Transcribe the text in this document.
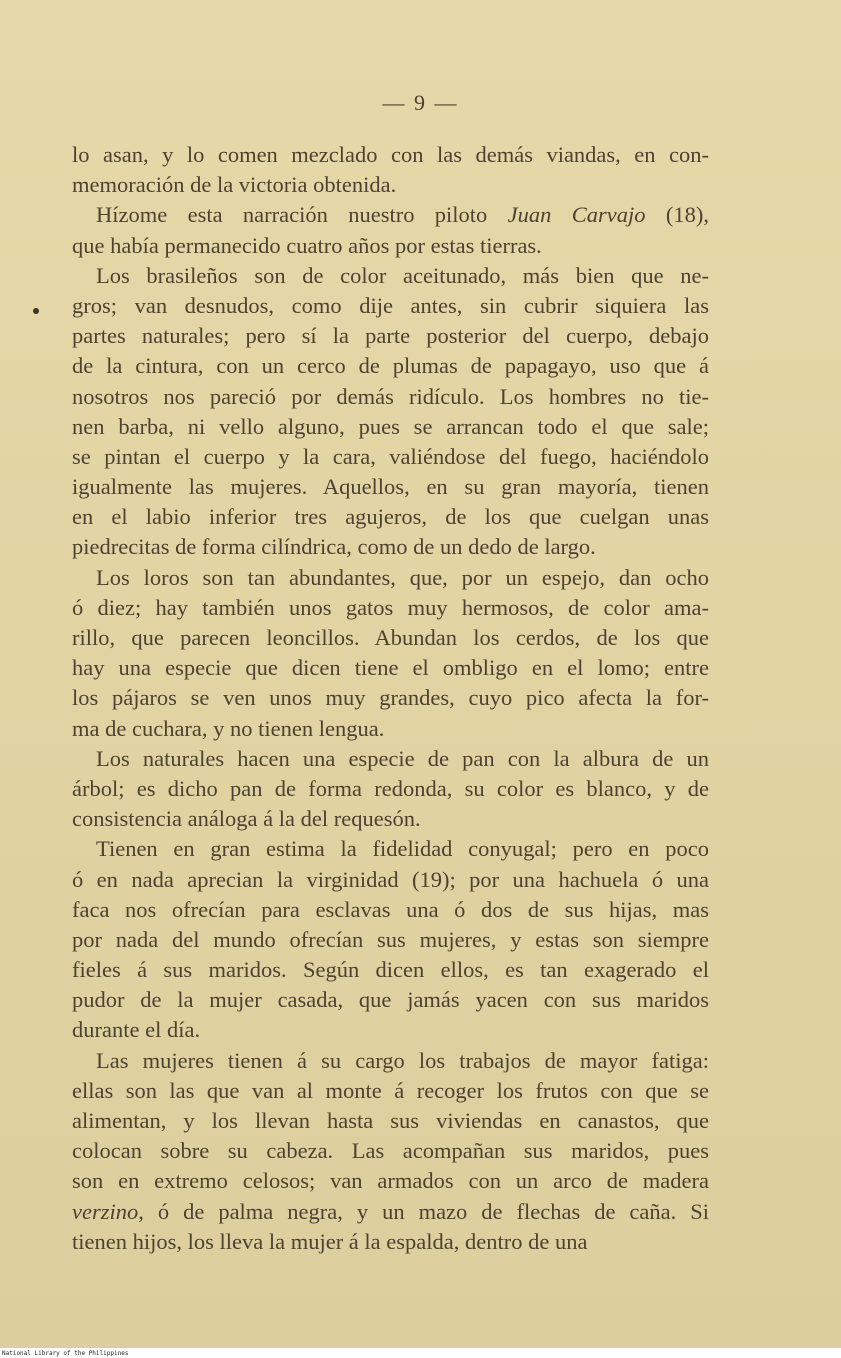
— 9 —
lo asan, y lo comen mezclado con las demás viandas, en con-
memoración de la victoria obtenida.
Hízome esta narración nuestro piloto Juan Carvajo (18),
que había permanecido cuatro años por estas tierras.
Los brasileños son de color aceitunado, más bien que ne-
gros; van desnudos, como dije antes, sin cubrir siquiera las
partes naturales; pero sí la parte posterior del cuerpo, debajo
de la cintura, con un cerco de plumas de papagayo, uso que á
nosotros nos pareció por demás ridículo. Los hombres no tie-
nen barba, ni vello alguno, pues se arrancan todo el que sale;
se pintan el cuerpo y la cara, valiéndose del fuego, haciéndolo
igualmente las mujeres. Aquellos, en su gran mayoría, tienen
en el labio inferior tres agujeros, de los que cuelgan unas
piedrecitas de forma cilíndrica, como de un dedo de largo.
Los loros son tan abundantes, que, por un espejo, dan ocho
ó diez; hay también unos gatos muy hermosos, de color ama-
rillo, que parecen leoncillos. Abundan los cerdos, de los que
hay una especie que dicen tiene el ombligo en el lomo; entre
los pájaros se ven unos muy grandes, cuyo pico afecta la for-
ma de cuchara, y no tienen lengua.
Los naturales hacen una especie de pan con la albura de un
árbol; es dicho pan de forma redonda, su color es blanco, y de
consistencia análoga á la del requesón.
Tienen en gran estima la fidelidad conyugal; pero en poco
ó en nada aprecian la virginidad (19); por una hachuela ó una
faca nos ofrecían para esclavas una ó dos de sus hijas, mas
por nada del mundo ofrecían sus mujeres, y estas son siempre
fieles á sus maridos. Según dicen ellos, es tan exagerado el
pudor de la mujer casada, que jamás yacen con sus maridos
durante el día.
Las mujeres tienen á su cargo los trabajos de mayor fatiga:
ellas son las que van al monte á recoger los frutos con que se
alimentan, y los llevan hasta sus viviendas en canastos, que
colocan sobre su cabeza. Las acompañan sus maridos, pues
son en extremo celosos; van armados con un arco de madera
verzino, ó de palma negra, y un mazo de flechas de caña. Si
tienen hijos, los lleva la mujer á la espalda, dentro de una
National Library of the Philippines
